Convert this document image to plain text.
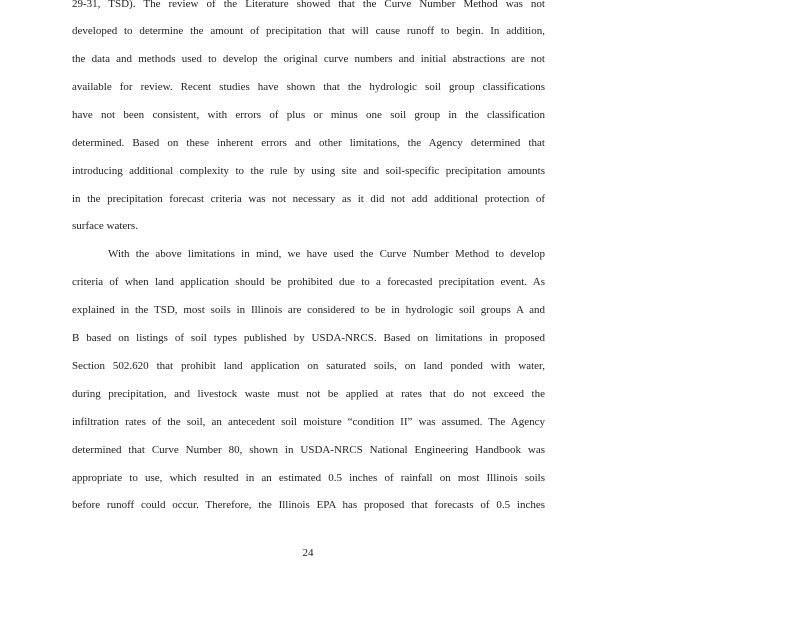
29-31, TSD). The review of the Literature showed that the Curve Number Method was not
developed to determine the amount of precipitation that will cause runoff to begin. In addition,
the data and methods used to develop the original curve numbers and initial abstractions are not
available for review. Recent studies have shown that the hydrologic soil group classifications
have not been consistent, with errors of plus or minus one soil group in the classification
determined. Based on these inherent errors and other limitations, the Agency determined that
introducing additional complexity to the rule by using site and soil-specific precipitation amounts
in the precipitation forecast criteria was not necessary as it did not add additional protection of
surface waters.
With the above limitations in mind, we have used the Curve Number Method to develop
criteria of when land application should be prohibited due to a forecasted precipitation event. As
explained in the TSD, most soils in Illinois are considered to be in hydrologic soil groups A and
B based on listings of soil types published by USDA-NRCS. Based on limitations in proposed
Section 502.620 that prohibit land application on saturated soils, on land ponded with water,
during precipitation, and livestock waste must not be applied at rates that do not exceed the
infiltration rates of the soil, an antecedent soil moisture “condition II” was assumed. The Agency
determined that Curve Number 80, shown in USDA-NRCS National Engineering Handbook was
appropriate to use, which resulted in an estimated 0.5 inches of rainfall on most Illinois soils
before runoff could occur. Therefore, the Illinois EPA has proposed that forecasts of 0.5 inches
24
